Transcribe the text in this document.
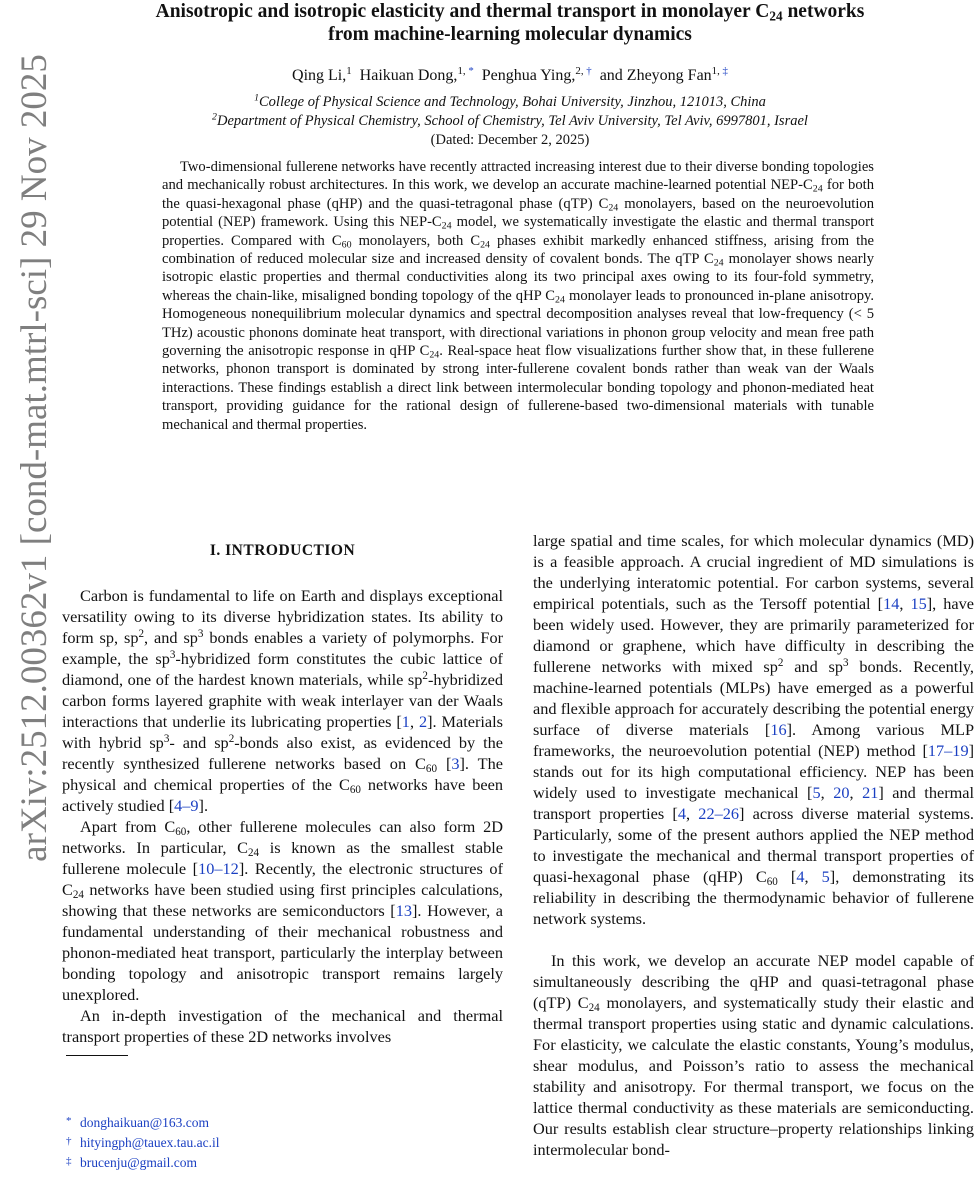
arXiv:2512.00362v1 [cond-mat.mtrl-sci] 29 Nov 2025
Anisotropic and isotropic elasticity and thermal transport in monolayer $C_{24}$ networks
from machine-learning molecular dynamics
Qing Li,$^1$ Haikuan Dong,$^{1, *}$ Penghua Ying,$^{2, \dagger}$ and Zheyong Fan$^{1, \ddagger}$
$^1$College of Physical Science and Technology, Bohai University, Jinzhou, 121013, China
$^2$Department of Physical Chemistry, School of Chemistry, Tel Aviv University, Tel Aviv, 6997801, Israel
(Dated: December 2, 2025)
Two-dimensional fullerene networks have recently attracted increasing interest due to their diverse bonding topologies and mechanically robust architectures. In this work, we develop an accurate machine-learned potential NEP-$C_{24}$ for both the quasi-hexagonal phase (qHP) and the quasi-tetragonal phase (qTP) $C_{24}$ monolayers, based on the neuroevolution potential (NEP) framework. Using this NEP-$C_{24}$ model, we systematically investigate the elastic and thermal transport properties. Compared with $C_{60}$ monolayers, both $C_{24}$ phases exhibit markedly enhanced stiffness, arising from the combination of reduced molecular size and increased density of covalent bonds. The qTP $C_{24}$ monolayer shows nearly isotropic elastic properties and thermal conductivities along its two principal axes owing to its four-fold symmetry, whereas the chain-like, misaligned bonding topology of the qHP $C_{24}$ monolayer leads to pronounced in-plane anisotropy. Homogeneous nonequilibrium molecular dynamics and spectral decomposition analyses reveal that low-frequency (< 5 THz) acoustic phonons dominate heat transport, with directional variations in phonon group velocity and mean free path governing the anisotropic response in qHP $C_{24}$. Real-space heat flow visualizations further show that, in these fullerene networks, phonon transport is dominated by strong inter-fullerene covalent bonds rather than weak van der Waals interactions. These findings establish a direct link between intermolecular bonding topology and phonon-mediated heat transport, providing guidance for the rational design of fullerene-based two-dimensional materials with tunable mechanical and thermal properties.
I. INTRODUCTION

Carbon is fundamental to life on Earth and displays exceptional versatility owing to its diverse hybridization states. Its ability to form sp, $sp^2$, and $sp^3$ bonds enables a variety of polymorphs. For example, the $sp^3$-hybridized form constitutes the cubic lattice of diamond, one of the hardest known materials, while $sp^2$-hybridized carbon forms layered graphite with weak interlayer van der Waals interactions that underlie its lubricating properties [1, 2]. Materials with hybrid $sp^3-$ and $sp^2$-bonds also exist, as evidenced by the recently synthesized fullerene networks based on $C_{60}$ [3]. The physical and chemical properties of the $C_{60}$ networks have been actively studied [4–9].

Apart from $C_{60}$, other fullerene molecules can also form 2D networks. In particular, $C_{24}$ is known as the smallest stable fullerene molecule [10–12]. Recently, the electronic structures of $C_{24}$ networks have been studied using first principles calculations, showing that these networks are semiconductors [13]. However, a fundamental understanding of their mechanical robustness and phonon-mediated heat transport, particularly the interplay between bonding topology and anisotropic transport remains largely unexplored.

An in-depth investigation of the mechanical and thermal transport properties of these 2D networks involves

large spatial and time scales, for which molecular dynamics (MD) is a feasible approach. A crucial ingredient of MD simulations is the underlying interatomic potential. For carbon systems, several empirical potentials, such as the Tersoff potential [14, 15], have been widely used. However, they are primarily parameterized for diamond or graphene, which have difficulty in describing the fullerene networks with mixed $sp^2$ and $sp^3$ bonds. Recently, machine-learned potentials (MLPs) have emerged as a powerful and flexible approach for accurately describing the potential energy surface of diverse materials [16]. Among various MLP frameworks, the neuroevolution potential (NEP) method [17–19] stands out for its high computational efficiency. NEP has been widely used to investigate mechanical [5, 20, 21] and thermal transport properties [4, 22–26] across diverse material systems. Particularly, some of the present authors applied the NEP method to investigate the mechanical and thermal transport properties of quasi-hexagonal phase (qHP) $C_{60}$ [4, 5], demonstrating its reliability in describing the thermodynamic behavior of fullerene network systems.

In this work, we develop an accurate NEP model capable of simultaneously describing the qHP and quasi-tetragonal phase (qTP) $C_{24}$ monolayers, and systematically study their elastic and thermal transport properties using static and dynamic calculations. For elasticity, we calculate the elastic constants, Young’s modulus, shear modulus, and Poisson’s ratio to assess the mechanical stability and anisotropy. For thermal transport, we focus on the lattice thermal conductivity as these materials are semiconducting. Our results establish clear structure–property relationships linking intermolecular bond-

* donghaikuan@163.com
† hityingph@tauex.tau.ac.il
‡ brucenju@gmail.com
